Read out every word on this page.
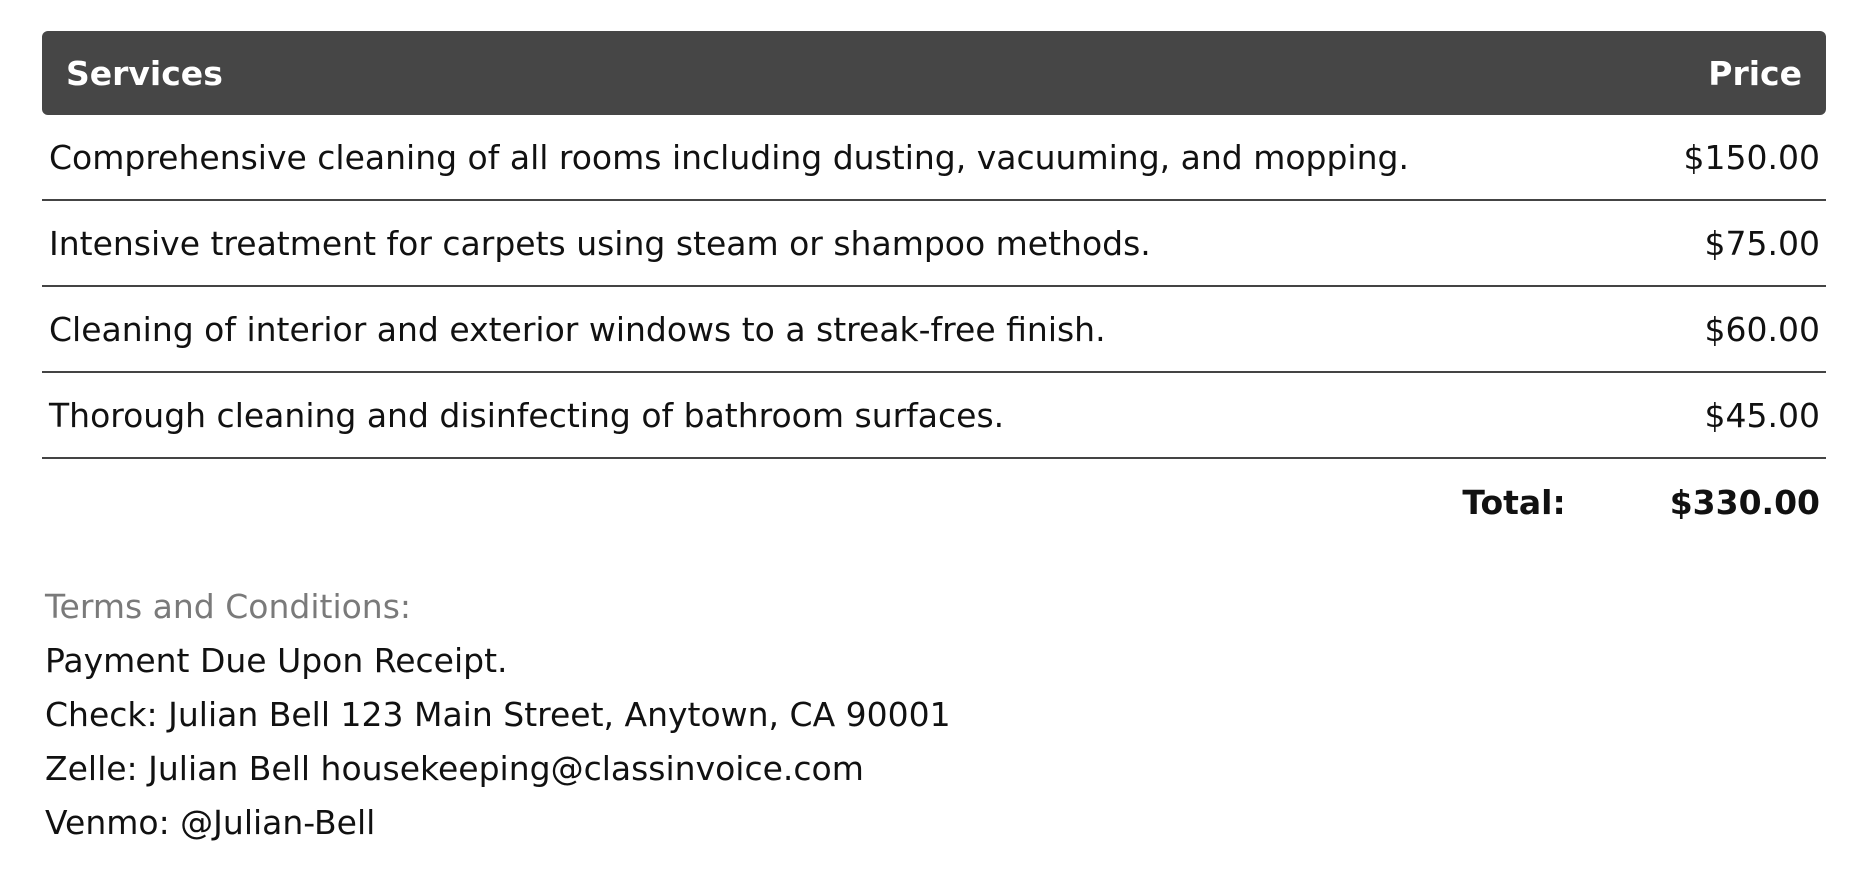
Services	Price
Comprehensive cleaning of all rooms including dusting, vacuuming, and mopping.	$150.00
Intensive treatment for carpets using steam or shampoo methods.	$75.00
Cleaning of interior and exterior windows to a streak-free finish.	$60.00
Thorough cleaning and disinfecting of bathroom surfaces.	$45.00
Total:	$330.00
Terms and Conditions:
Payment Due Upon Receipt.
Check: Julian Bell 123 Main Street, Anytown, CA 90001
Zelle: Julian Bell housekeeping@classinvoice.com
Venmo: @Julian-Bell
